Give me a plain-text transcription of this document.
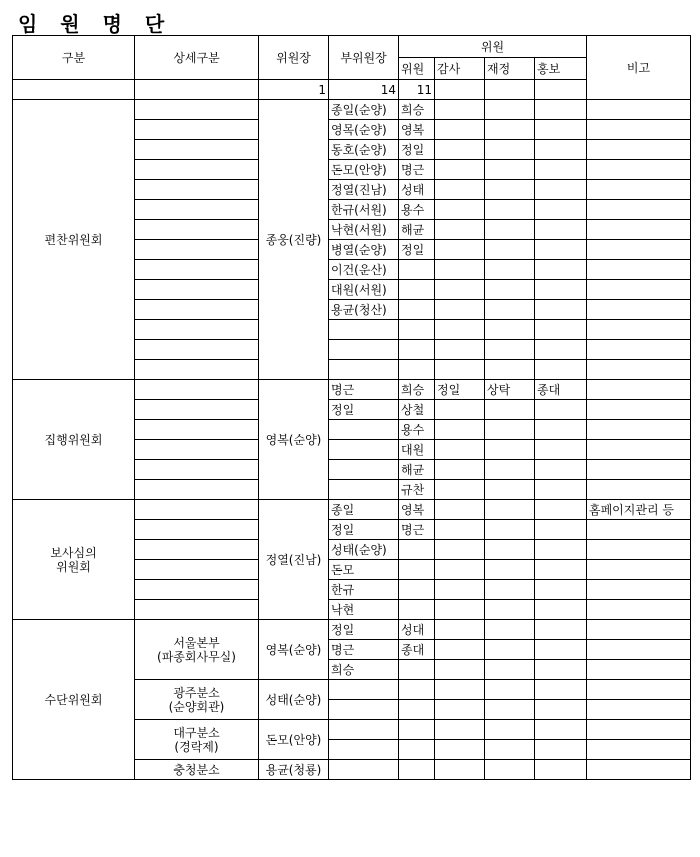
임 원 명 단
구분	상세구분	위원장	부위원장	위원				비고
				위원	감사	재정	홍보	
		1	14	11				
편찬위원회		종웅(진량)	종일(순양)	희승				
			영목(순양)	영복				
			동호(순양)	정일				
			돈모(안양)	명근				
			정열(진남)	성태				
			한규(서원)	용수				
			낙현(서원)	해균				
			병열(순양)	정일				
			이건(운산)					
			대원(서원)					
			용균(청산)					

집행위원회		영복(순양)	명근	희승	정일	상탁	종대	
			정일	상철				
				용수				
				대원				
				해균				
				규찬				
보사심의
위원회		정열(진남)	종일	영복				홈페이지관리 등
			정일	명근				
			성태(순양)					
			돈모					
			한규					
			낙현					
수단위원회	서울본부
(파종회사무실)	영복(순양)	정일	성대				
			명근	종대				
			희승					
	광주분소
(순양회관)	성태(순양)						

	대구분소
(경락제)	돈모(안양)						

	충청분소	용균(청룡)						
